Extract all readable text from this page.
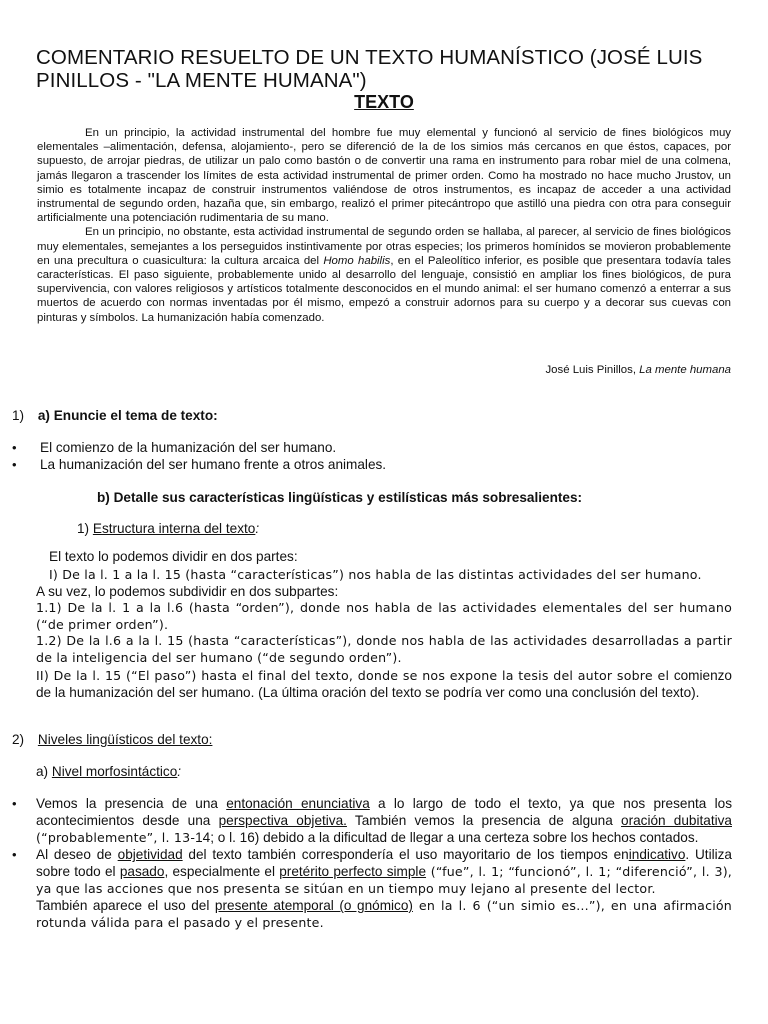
COMENTARIO RESUELTO DE UN TEXTO HUMANÍSTICO (JOSÉ LUIS PINILLOS - "LA MENTE HUMANA")
TEXTO

En un principio, la actividad instrumental del hombre fue muy elemental y funcionó al servicio de fines biológicos muy elementales –alimentación, defensa, alojamiento-, pero se diferenció de la de los simios más cercanos en que éstos, capaces, por supuesto, de arrojar piedras, de utilizar un palo como bastón o de convertir una rama en instrumento para robar miel de una colmena, jamás llegaron a trascender los límites de esta actividad instrumental de primer orden. Como ha mostrado no hace mucho Jrustov, un simio es totalmente incapaz de construir instrumentos valiéndose de otros instrumentos, es incapaz de acceder a una actividad instrumental de segundo orden, hazaña que, sin embargo, realizó el primer pitecántropo que astilló una piedra con otra para conseguir artificialmente una potenciación rudimentaria de su mano.

En un principio, no obstante, esta actividad instrumental de segundo orden se hallaba, al parecer, al servicio de fines biológicos muy elementales, semejantes a los perseguidos instintivamente por otras especies; los primeros homínidos se movieron probablemente en una precultura o cuasicultura: la cultura arcaica del Homo habilis, en el Paleolítico inferior, es posible que presentara todavía tales características. El paso siguiente, probablemente unido al desarrollo del lenguaje, consistió en ampliar los fines biológicos, de pura supervivencia, con valores religiosos y artísticos totalmente desconocidos en el mundo animal: el ser humano comenzó a enterrar a sus muertos de acuerdo con normas inventadas por él mismo, empezó a construir adornos para su cuerpo y a decorar sus cuevas con pinturas y símbolos. La humanización había comenzado.

José Luis Pinillos, La mente humana
1) a) Enuncie el tema de texto:
• El comienzo de la humanización del ser humano.
• La humanización del ser humano frente a otros animales.
b) Detalle sus características lingüísticas y estilísticas más sobresalientes:
1) Estructura interna del texto:
El texto lo podemos dividir en dos partes:
I) De la l. 1 a la l. 15 (hasta “características”) nos habla de las distintas actividades del ser humano.
A su vez, lo podemos subdividir en dos subpartes:
1.1) De la l. 1 a la l.6 (hasta “orden”), donde nos habla de las actividades elementales del ser humano (“de primer orden”).
1.2) De la l.6 a la l. 15 (hasta “características”), donde nos habla de las actividades desarrolladas a partir de la inteligencia del ser humano (“de segundo orden”).
II) De la l. 15 (“El paso”) hasta el final del texto, donde se nos expone la tesis del autor sobre el comienzo de la humanización del ser humano. (La última oración del texto se podría ver como una conclusión del texto).
2) Niveles lingüísticos del texto:
a) Nivel morfosintáctico:
• Vemos la presencia de una entonación enunciativa a lo largo de todo el texto, ya que nos presenta los acontecimientos desde una perspectiva objetiva. También vemos la presencia de alguna oración dubitativa (“probablemente”, l. 13-14; o l. 16) debido a la dificultad de llegar a una certeza sobre los hechos contados.
• Al deseo de objetividad del texto también correspondería el uso mayoritario de los tiempos enindicativo. Utiliza sobre todo el pasado, especialmente el pretérito perfecto simple (“fue”, l. 1; “funcionó”, l. 1; “diferenció”, l. 3), ya que las acciones que nos presenta se sitúan en un tiempo muy lejano al presente del lector.
También aparece el uso del presente atemporal (o gnómico) en la l. 6 (“un simio es…”), en una afirmación rotunda válida para el pasado y el presente.
